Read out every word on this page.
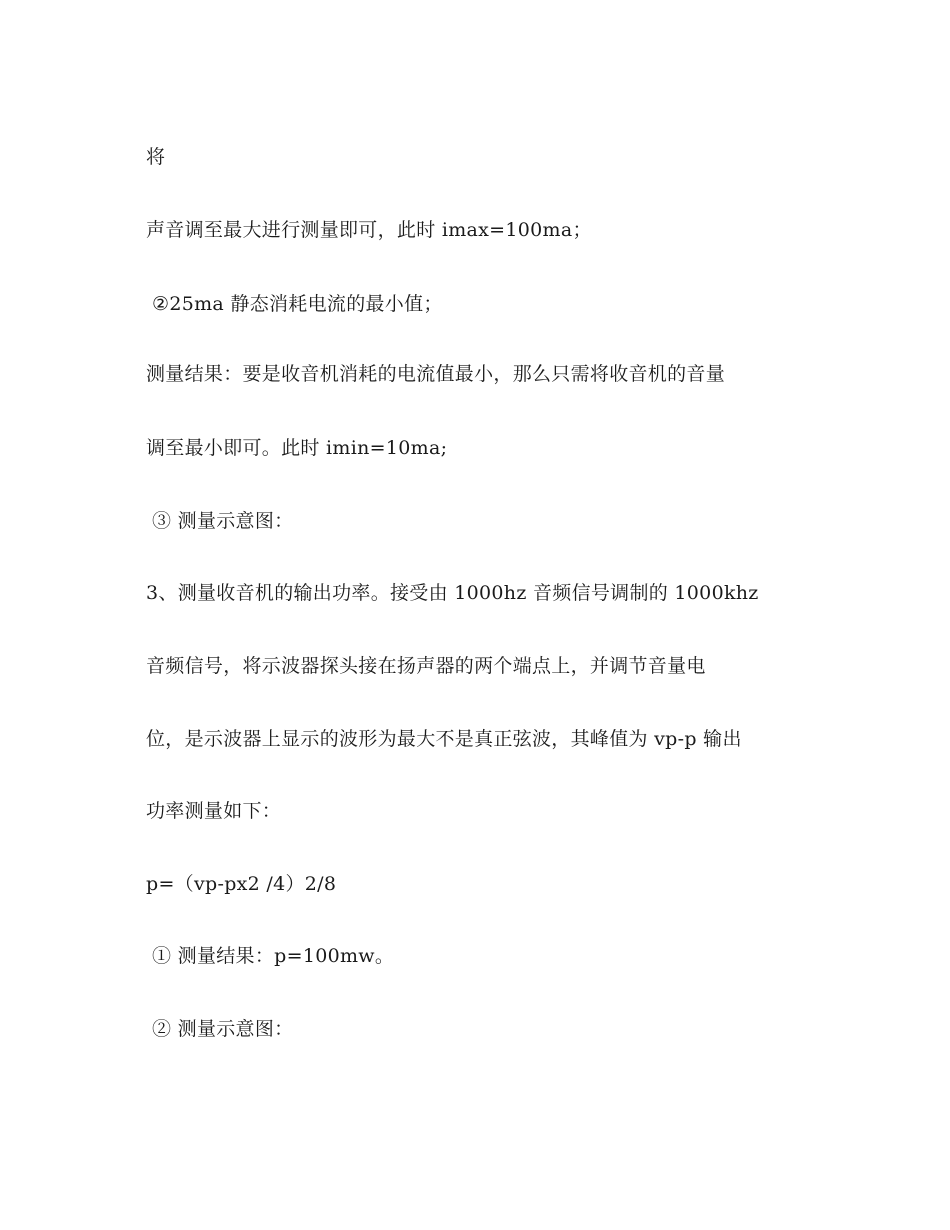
将
声音调至最大进行测量即可，此时 imax=100ma；
②25ma 静态消耗电流的最小值；
测量结果：要是收音机消耗的电流值最小，那么只需将收音机的音量
调至最小即可。此时 imin=10ma;
③ 测量示意图：
3、测量收音机的输出功率。接受由 1000hz 音频信号调制的 1000khz
音频信号，将示波器探头接在扬声器的两个端点上，并调节音量电
位，是示波器上显示的波形为最大不是真正弦波，其峰值为 vp-p 输出
功率测量如下：
p=（vp-px2 /4）2/8
① 测量结果：p=100mw。
② 测量示意图：
